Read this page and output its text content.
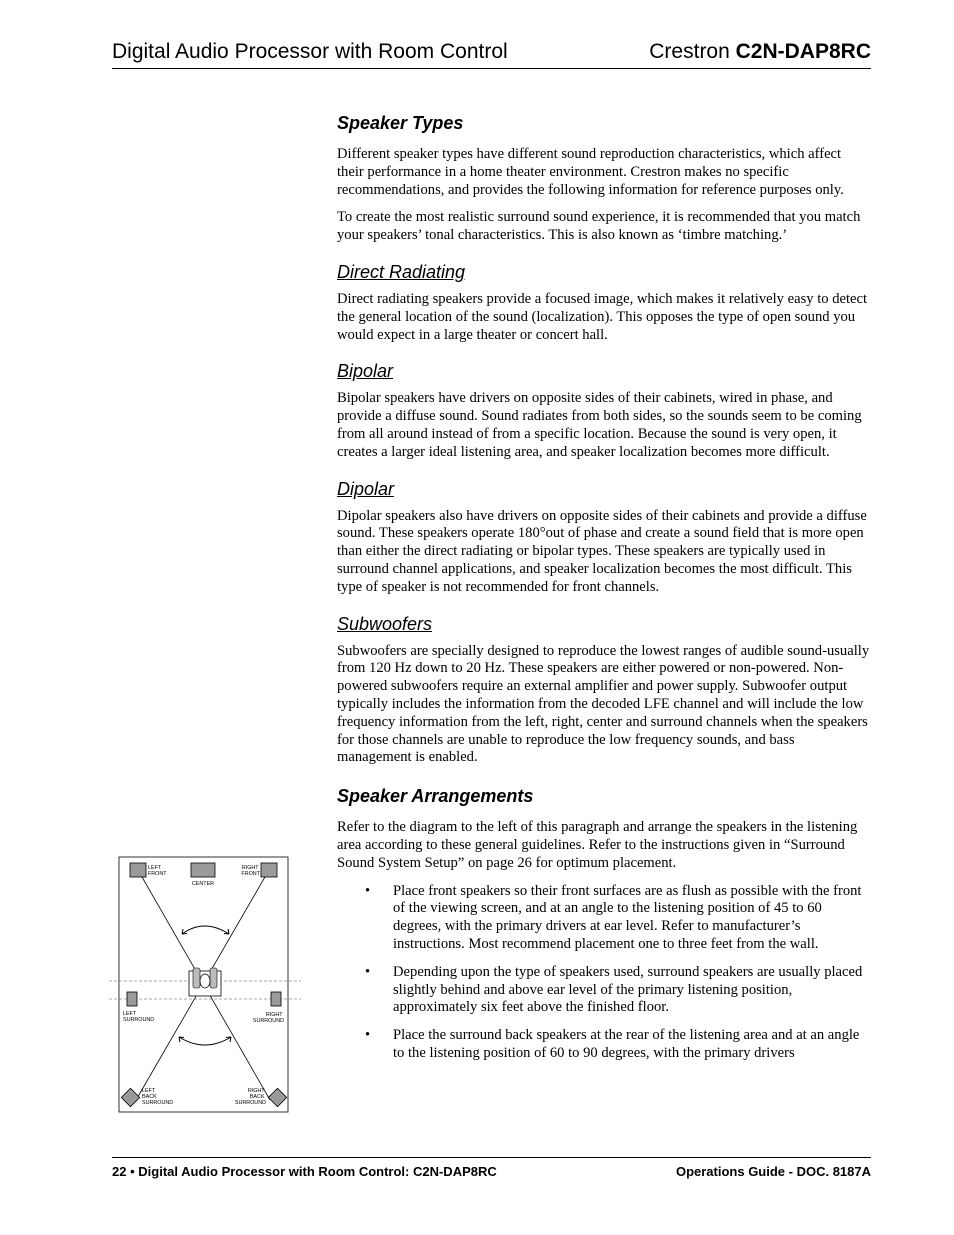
Digital Audio Processor with Room Control	Crestron C2N-DAP8RC
Speaker Types

Different speaker types have different sound reproduction characteristics, which affect their performance in a home theater environment. Crestron makes no specific recommendations, and provides the following information for reference purposes only.

To create the most realistic surround sound experience, it is recommended that you match your speakers’ tonal characteristics. This is also known as ‘timbre matching.’

Direct Radiating

Direct radiating speakers provide a focused image, which makes it relatively easy to detect the general location of the sound (localization). This opposes the type of open sound you would expect in a large theater or concert hall.

Bipolar

Bipolar speakers have drivers on opposite sides of their cabinets, wired in phase, and provide a diffuse sound. Sound radiates from both sides, so the sounds seem to be coming from all around instead of from a specific location. Because the sound is very open, it creates a larger ideal listening area, and speaker localization becomes more difficult.

Dipolar

Dipolar speakers also have drivers on opposite sides of their cabinets and provide a diffuse sound. These speakers operate 180°out of phase and create a sound field that is more open than either the direct radiating or bipolar types. These speakers are typically used in surround channel applications, and speaker localization becomes the most difficult. This type of speaker is not recommended for front channels.

Subwoofers

Subwoofers are specially designed to reproduce the lowest ranges of audible sound-usually from 120 Hz down to 20 Hz. These speakers are either powered or non-powered. Non-powered subwoofers require an external amplifier and power supply. Subwoofer output typically includes the information from the decoded LFE channel and will include the low frequency information from the left, right, center and surround channels when the speakers for those channels are unable to reproduce the low frequency sounds, and bass management is enabled.

Speaker Arrangements

Refer to the diagram to the left of this paragraph and arrange the speakers in the listening area according to these general guidelines. Refer to the instructions given in “Surround Sound System Setup” on page 26 for optimum placement.

• Place front speakers so their front surfaces are as flush as possible with the front of the viewing screen, and at an angle to the listening position of 45 to 60 degrees, with the primary drivers at ear level. Refer to manufacturer’s instructions. Most recommend placement one to three feet from the wall.
• Depending upon the type of speakers used, surround speakers are usually placed slightly behind and above ear level of the primary listening position, approximately six feet above the finished floor.
• Place the surround back speakers at the rear of the listening area and at an angle to the listening position of 60 to 90 degrees, with the primary drivers
LEFT FRONT
CENTER
RIGHT FRONT
LEFT SURROUND
RIGHT SURROUND
LEFT BACK SURROUND
RIGHT BACK SURROUND
22 • Digital Audio Processor with Room Control: C2N-DAP8RC	Operations Guide - DOC. 8187A
